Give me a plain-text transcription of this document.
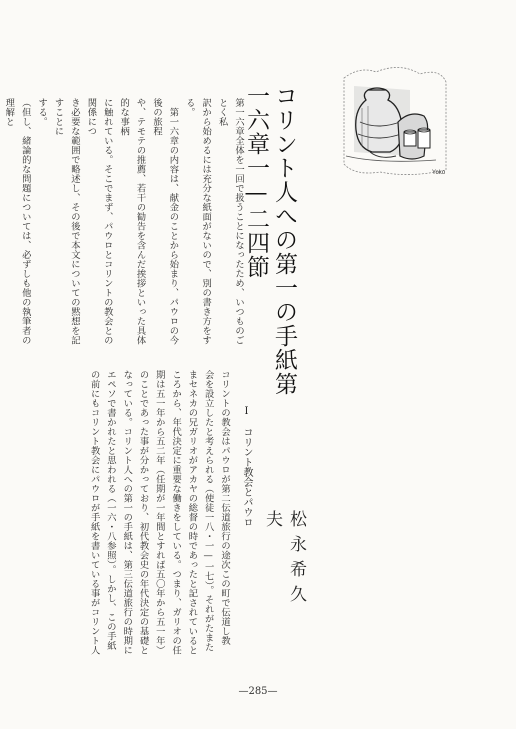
Yoko
コリント人への第一の手紙第一六章一—二四節
第一六章全体を一回で扱うことになったため、いつものごとく私
訳から始めるには充分な紙面がないので、別の書き方をする。
　第一六章の内容は、献金のことから始まり、パウロの今後の旅程
や、テモテの推薦、若干の勧告を含んだ挨拶といった具体的な事柄
に触れている。そこでまず、パウロとコリントの教会との関係につ
き必要な範囲で略述し、その後で本文についての黙想を記すことに
する。
（但し、緒論的な問題については、必ずしも他の執筆者の理解と

I　コリント教会とパウロ
松永希久夫
コリントの教会はパウロが第二伝道旅行の途次この町で伝道し教
会を設立したと考えられる（使徒一八・一—一七）。それがたまた
まセネカの兄ガリオがアカヤの総督の時であったと記されていると
ころから、年代決定に重要な働きをしている。つまり、ガリオの任
期は五一年から五二年（任期が一年間とすれば五〇年から五一年）
のことであった事が分かっており、初代教会史の年代決定の基礎と
なっている。コリント人への第一の手紙は、第三伝道旅行の時期に
エペソで書かれたと思われる（一六・八参照）。しかし、この手紙
の前にもコリント教会にパウロが手紙を書いている事がコリント人
—285—
